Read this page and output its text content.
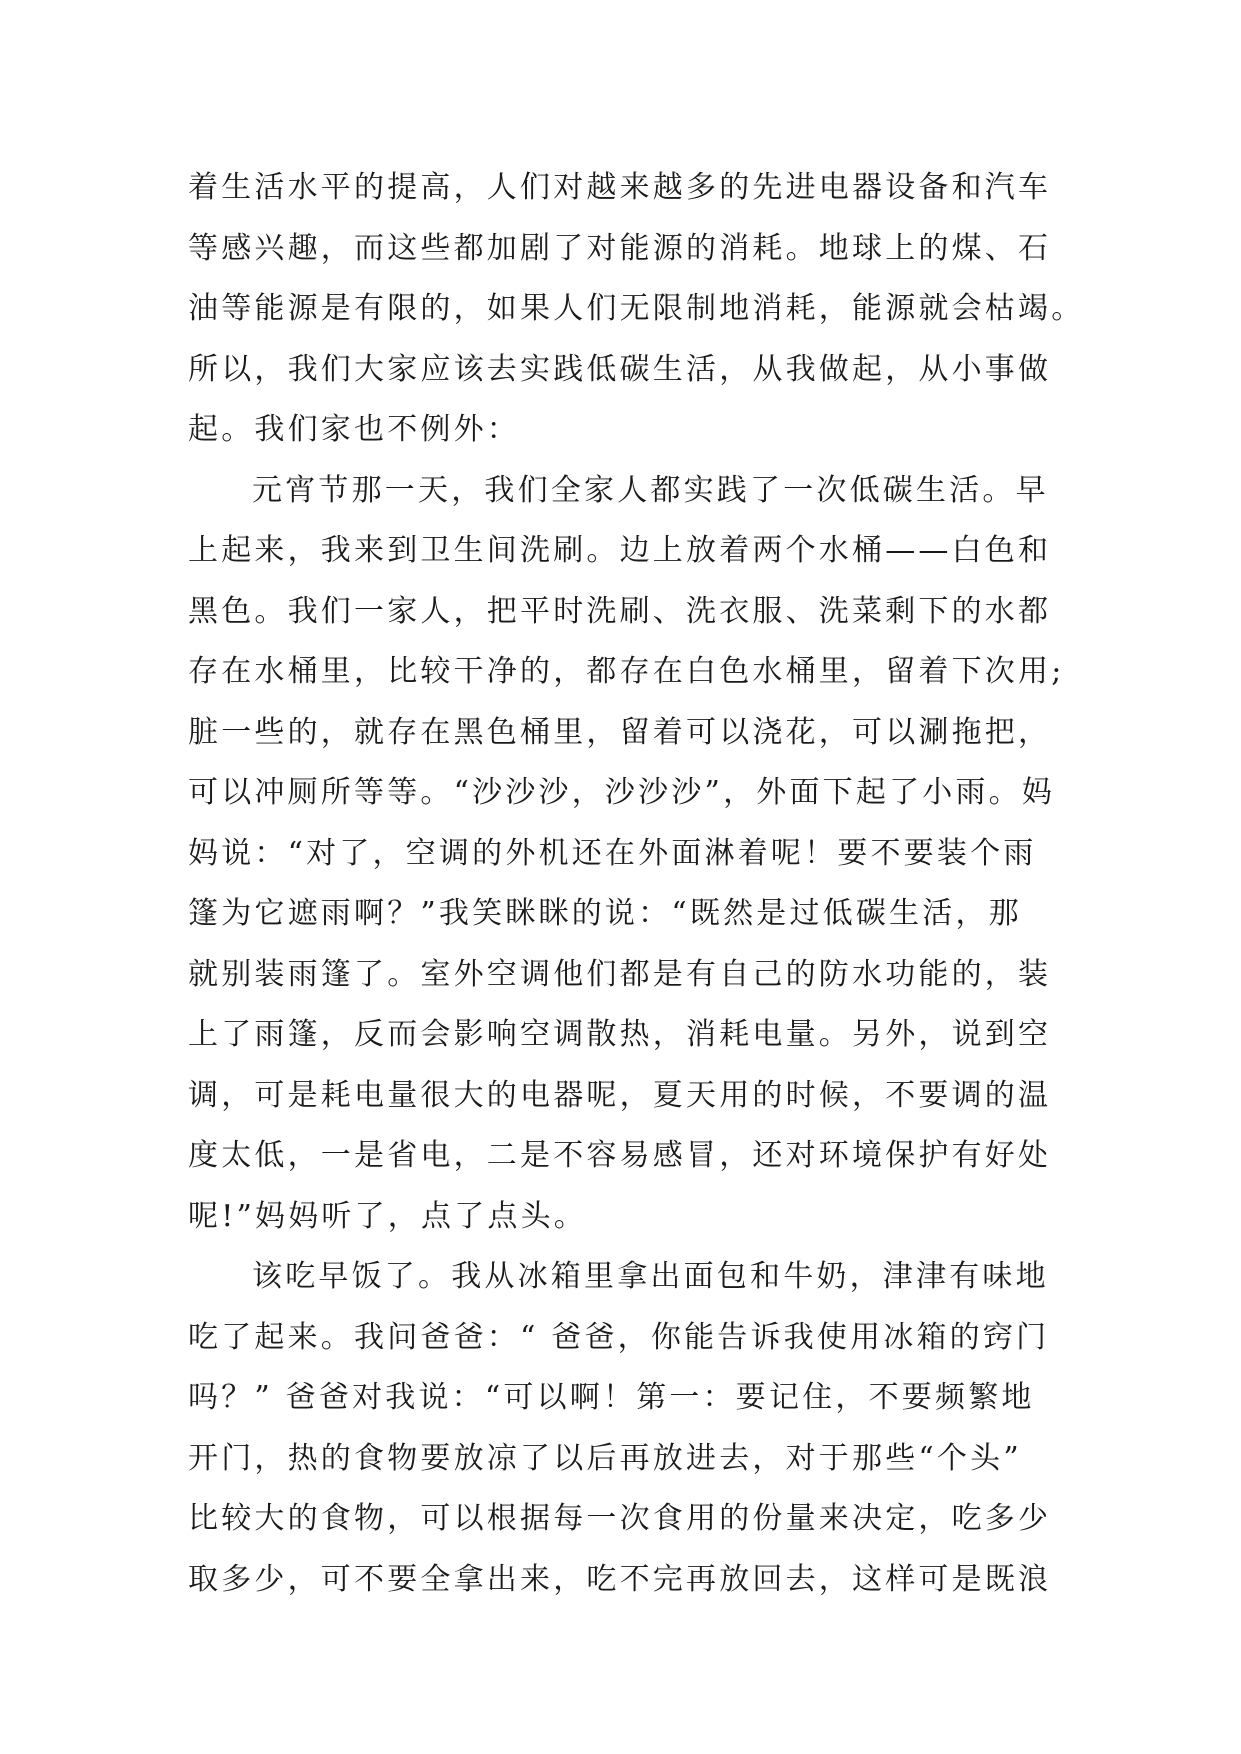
着生活水平的提高，人们对越来越多的先进电器设备和汽车
等感兴趣，而这些都加剧了对能源的消耗。地球上的煤、石
油等能源是有限的，如果人们无限制地消耗，能源就会枯竭。
所以，我们大家应该去实践低碳生活，从我做起，从小事做
起。我们家也不例外：
元宵节那一天，我们全家人都实践了一次低碳生活。早
上起来，我来到卫生间洗刷。边上放着两个水桶——白色和
黑色。我们一家人，把平时洗刷、洗衣服、洗菜剩下的水都
存在水桶里，比较干净的，都存在白色水桶里，留着下次用;
脏一些的，就存在黑色桶里，留着可以浇花，可以涮拖把，
可以冲厕所等等。“沙沙沙，沙沙沙”，外面下起了小雨。妈
妈说：“对了，空调的外机还在外面淋着呢！要不要装个雨
篷为它遮雨啊？”我笑眯眯的说：“既然是过低碳生活，那
就别装雨篷了。室外空调他们都是有自己的防水功能的，装
上了雨篷，反而会影响空调散热，消耗电量。另外，说到空
调，可是耗电量很大的电器呢，夏天用的时候，不要调的温
度太低，一是省电，二是不容易感冒，还对环境保护有好处
呢!”妈妈听了，点了点头。
该吃早饭了。我从冰箱里拿出面包和牛奶，津津有味地
吃了起来。我问爸爸：“ 爸爸，你能告诉我使用冰箱的窍门
吗？” 爸爸对我说：“可以啊！第一：要记住，不要频繁地
开门，热的食物要放凉了以后再放进去，对于那些“个头”
比较大的食物，可以根据每一次食用的份量来决定，吃多少
取多少，可不要全拿出来，吃不完再放回去，这样可是既浪
